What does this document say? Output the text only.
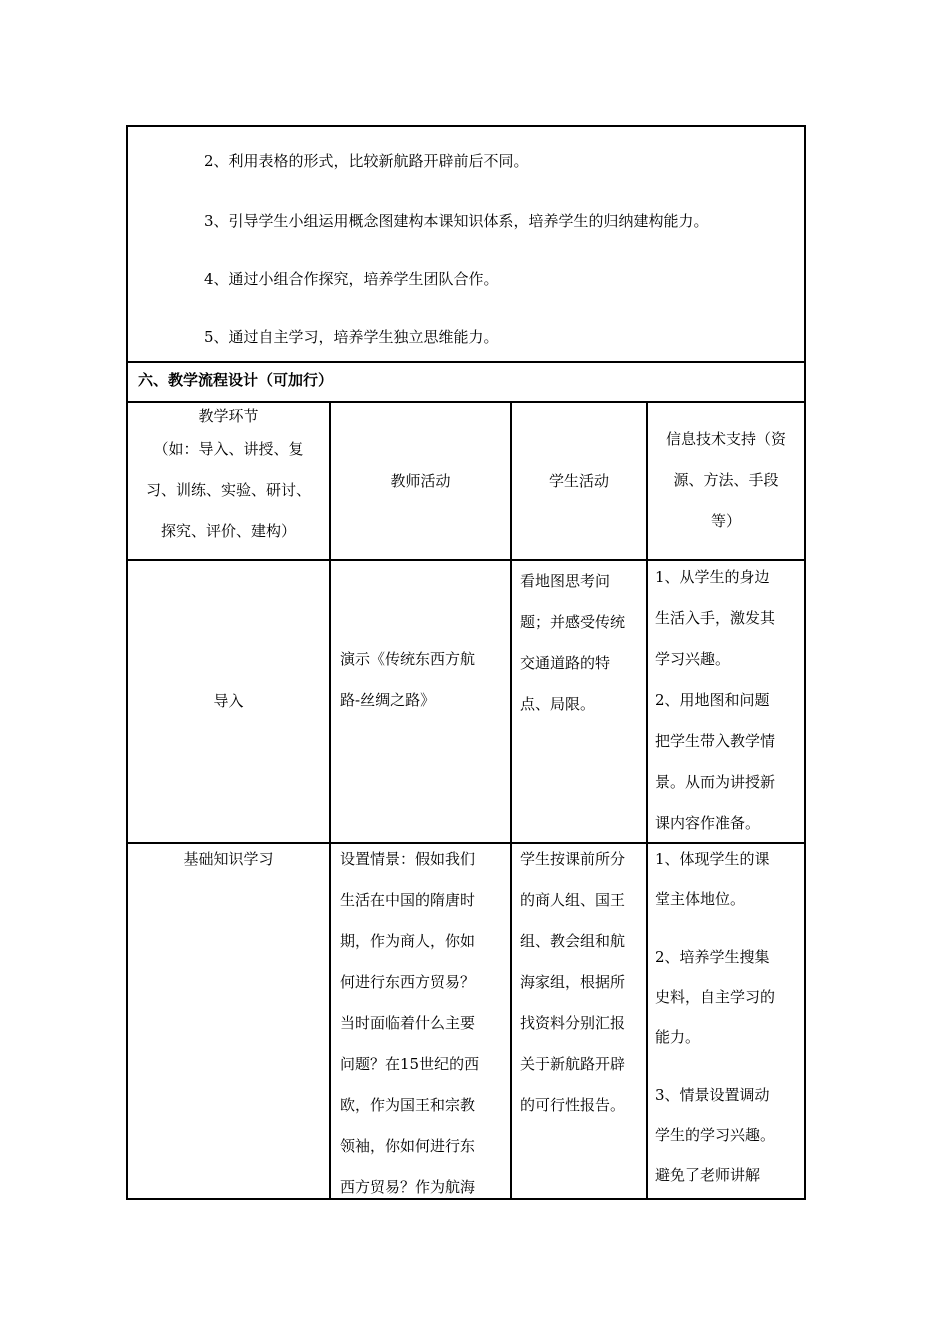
2、利用表格的形式，比较新航路开辟前后不同。
3、引导学生小组运用概念图建构本课知识体系，培养学生的归纳建构能力。
4、通过小组合作探究，培养学生团队合作。
5、通过自主学习，培养学生独立思维能力。
六、教学流程设计（可加行）
教学环节
（如：导入、讲授、复
习、训练、实验、研讨、
探究、评价、建构）
教师活动	学生活动
信息技术支持（资
源、方法、手段
等）
导入
演示《传统东西方航
路-丝绸之路》
看地图思考问
题；并感受传统
交通道路的特
点、局限。
1、从学生的身边
生活入手，激发其
学习兴趣。
2、用地图和问题
把学生带入教学情
景。从而为讲授新
课内容作准备。
基础知识学习	设置情景：假如我们
生活在中国的隋唐时
期，作为商人，你如
何进行东西方贸易？
当时面临着什么主要
问题？在15世纪的西
欧，作为国王和宗教
领袖，你如何进行东
西方贸易？作为航海
学生按课前所分
的商人组、国王
组、教会组和航
海家组，根据所
找资料分别汇报
关于新航路开辟
的可行性报告。
1、体现学生的课
堂主体地位。
2、培养学生搜集
史料，自主学习的
能力。
3、情景设置调动
学生的学习兴趣。
避免了老师讲解
